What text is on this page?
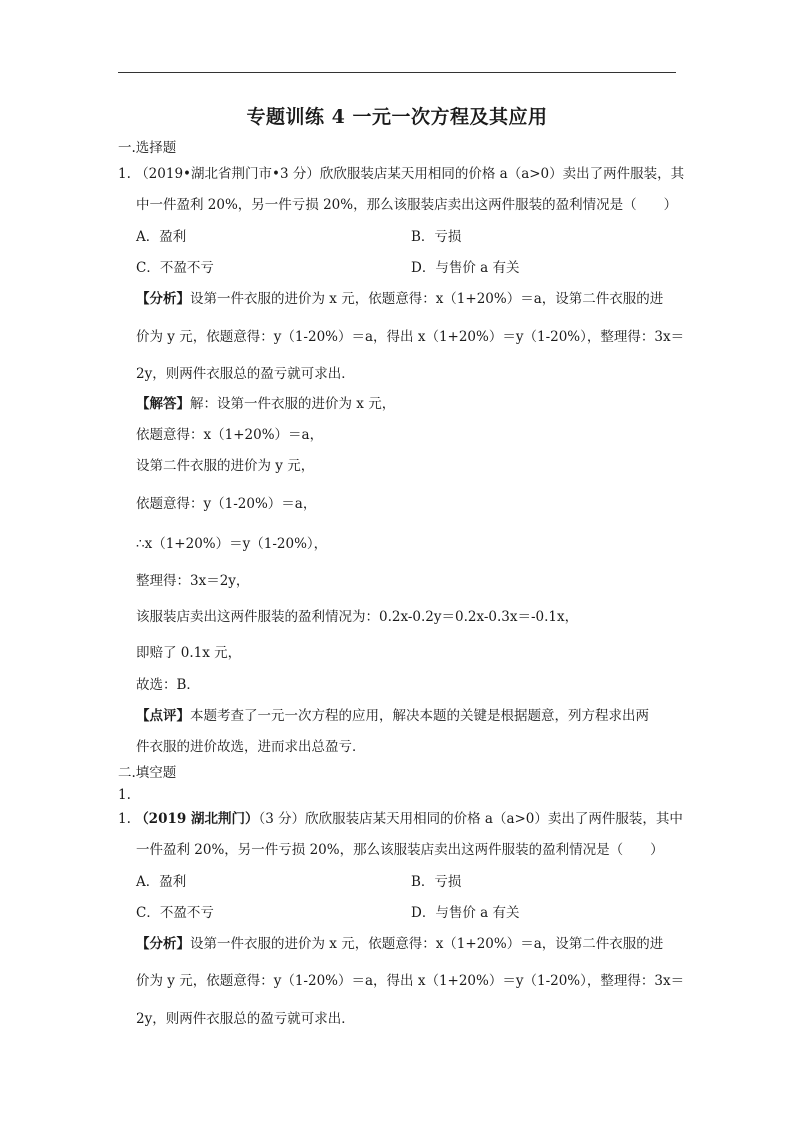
专题训练 4 一元一次方程及其应用
一.选择题
1. （2019•湖北省荆门市•3 分）欣欣服装店某天用相同的价格 a（a>0）卖出了两件服装，其
中一件盈利 20%，另一件亏损 20%，那么该服装店卖出这两件服装的盈利情况是（　　）
A．盈利	B．亏损
C．不盈不亏	D．与售价 a 有关
【分析】设第一件衣服的进价为 x 元，依题意得：x（1+20%）＝a，设第二件衣服的进
价为 y 元，依题意得：y（1-20%）＝a，得出 x（1+20%）＝y（1-20%），整理得：3x＝
2y，则两件衣服总的盈亏就可求出．
【解答】解：设第一件衣服的进价为 x 元，
依题意得：x（1+20%）＝a，
设第二件衣服的进价为 y 元，
依题意得：y（1-20%）＝a，
∴x（1+20%）＝y（1-20%），
整理得：3x＝2y，
该服装店卖出这两件服装的盈利情况为：0.2x-0.2y＝0.2x-0.3x＝-0.1x，
即赔了 0.1x 元，
故选：B．
【点评】本题考查了一元一次方程的应用，解决本题的关键是根据题意，列方程求出两
件衣服的进价故选，进而求出总盈亏．
二.填空题
1.
1. （2019 湖北荆门）（3 分）欣欣服装店某天用相同的价格 a（a>0）卖出了两件服装，其中
一件盈利 20%，另一件亏损 20%，那么该服装店卖出这两件服装的盈利情况是（　　）
A．盈利	B．亏损
C．不盈不亏	D．与售价 a 有关
【分析】设第一件衣服的进价为 x 元，依题意得：x（1+20%）＝a，设第二件衣服的进
价为 y 元，依题意得：y（1-20%）＝a，得出 x（1+20%）＝y（1-20%），整理得：3x＝
2y，则两件衣服总的盈亏就可求出．
